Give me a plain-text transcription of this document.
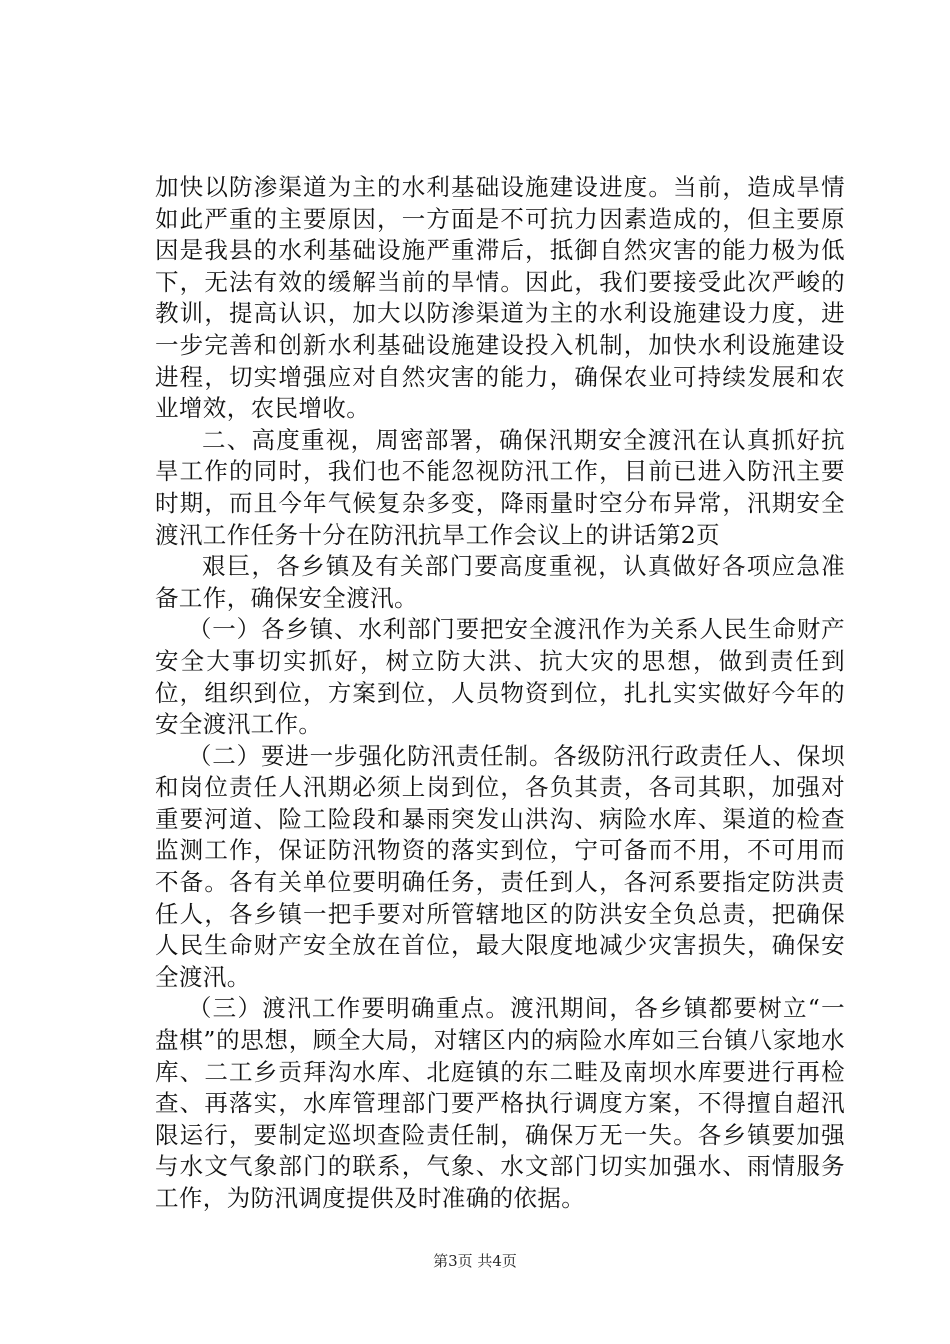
加快以防渗渠道为主的水利基础设施建设进度。当前，造成旱情如此严重的主要原因，一方面是不可抗力因素造成的，但主要原因是我县的水利基础设施严重滞后，抵御自然灾害的能力极为低下，无法有效的缓解当前的旱情。因此，我们要接受此次严峻的教训，提高认识，加大以防渗渠道为主的水利设施建设力度，进一步完善和创新水利基础设施建设投入机制，加快水利设施建设进程，切实增强应对自然灾害的能力，确保农业可持续发展和农业增效，农民增收。

二、高度重视，周密部署，确保汛期安全渡汛在认真抓好抗旱工作的同时，我们也不能忽视防汛工作，目前已进入防汛主要时期，而且今年气候复杂多变，降雨量时空分布异常，汛期安全渡汛工作任务十分在防汛抗旱工作会议上的讲话第2页

艰巨，各乡镇及有关部门要高度重视，认真做好各项应急准备工作，确保安全渡汛。

（一）各乡镇、水利部门要把安全渡汛作为关系人民生命财产安全大事切实抓好，树立防大洪、抗大灾的思想，做到责任到位，组织到位，方案到位，人员物资到位，扎扎实实做好今年的安全渡汛工作。

（二）要进一步强化防汛责任制。各级防汛行政责任人、保坝和岗位责任人汛期必须上岗到位，各负其责，各司其职，加强对重要河道、险工险段和暴雨突发山洪沟、病险水库、渠道的检查监测工作，保证防汛物资的落实到位，宁可备而不用，不可用而不备。各有关单位要明确任务，责任到人，各河系要指定防洪责任人，各乡镇一把手要对所管辖地区的防洪安全负总责，把确保人民生命财产安全放在首位，最大限度地减少灾害损失，确保安全渡汛。

（三）渡汛工作要明确重点。渡汛期间，各乡镇都要树立“一盘棋”的思想，顾全大局，对辖区内的病险水库如三台镇八家地水库、二工乡贡拜沟水库、北庭镇的东二畦及南坝水库要进行再检查、再落实，水库管理部门要严格执行调度方案，不得擅自超汛限运行，要制定巡坝查险责任制，确保万无一失。各乡镇要加强与水文气象部门的联系，气象、水文部门切实加强水、雨情服务工作，为防汛调度提供及时准确的依据。

第3页 共4页
